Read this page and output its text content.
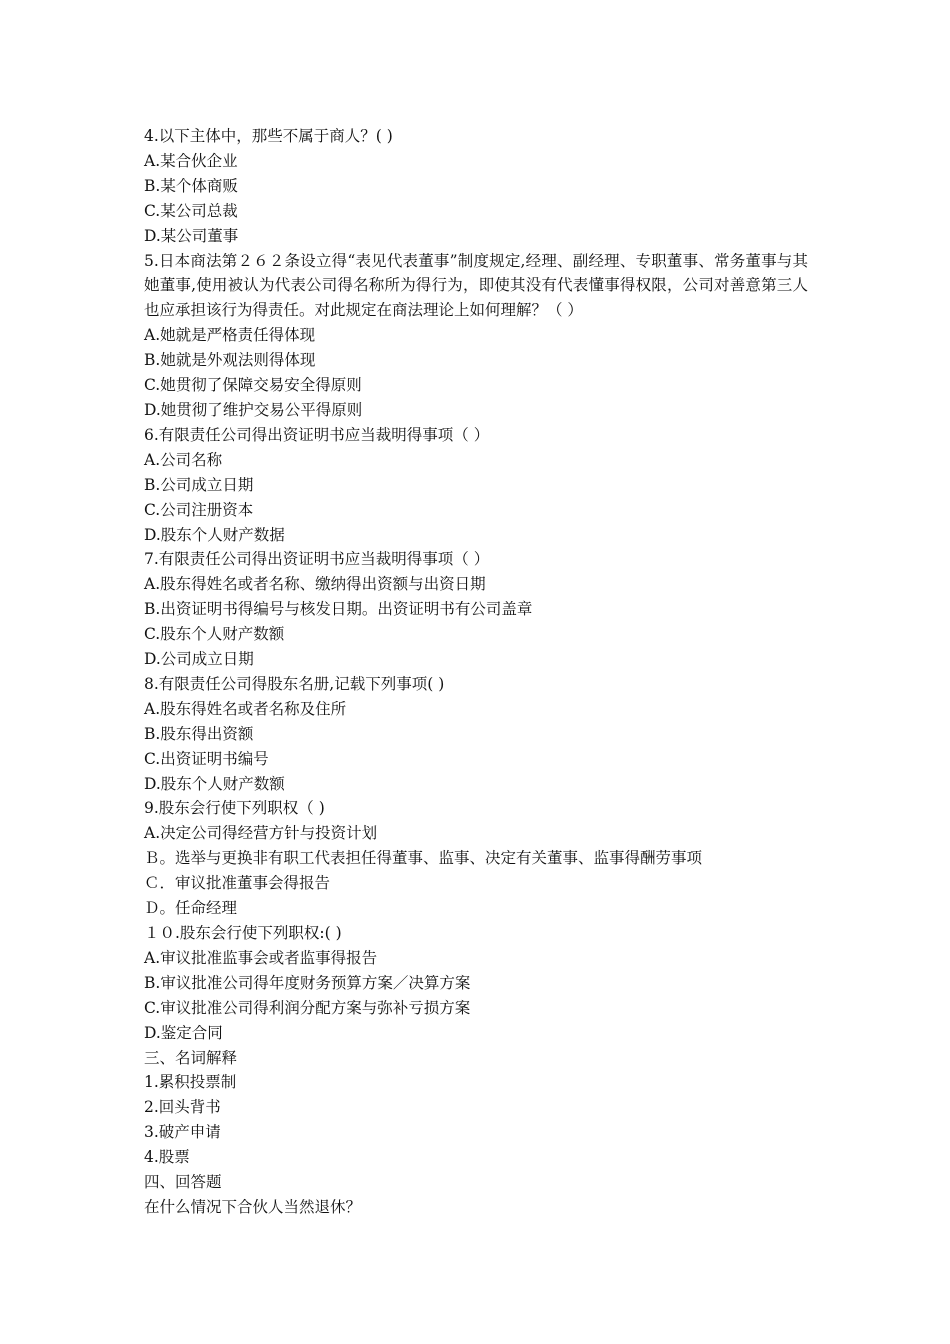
4.以下主体中，那些不属于商人？( )

A.某合伙企业

B.某个体商贩

C.某公司总裁

D.某公司董事

5.日本商法第２６２条设立得“表见代表董事”制度规定,经理、副经理、专职董事、常务董事与其她董事,使用被认为代表公司得名称所为得行为，即使其没有代表懂事得权限，公司对善意第三人也应承担该行为得责任。对此规定在商法理论上如何理解？（ ）

A.她就是严格责任得体现

B.她就是外观法则得体现

C.她贯彻了保障交易安全得原则

D.她贯彻了维护交易公平得原则

6.有限责任公司得出资证明书应当裁明得事项（ ）

A.公司名称

B.公司成立日期

C.公司注册资本

D.股东个人财产数据

7.有限责任公司得出资证明书应当裁明得事项（ ）

A.股东得姓名或者名称、缴纳得出资额与出资日期

B.出资证明书得编号与核发日期。出资证明书有公司盖章

C.股东个人财产数额

D.公司成立日期

8.有限责任公司得股东名册,记载下列事项( )

A.股东得姓名或者名称及住所

B.股东得出资额

C.出资证明书编号

D.股东个人财产数额

9.股东会行使下列职权（ )

A.决定公司得经营方针与投资计划

Ｂ。选举与更换非有职工代表担任得董事、监事、决定有关董事、监事得酬劳事项

Ｃ．审议批准董事会得报告

Ｄ。任命经理

１０.股东会行使下列职权:( )

A.审议批准监事会或者监事得报告

B.审议批准公司得年度财务预算方案／决算方案

C.审议批准公司得利润分配方案与弥补亏损方案

D.鉴定合同

三、名词解释

1.累积投票制

2.回头背书

3.破产申请

4.股票

四、回答题

在什么情况下合伙人当然退休？
